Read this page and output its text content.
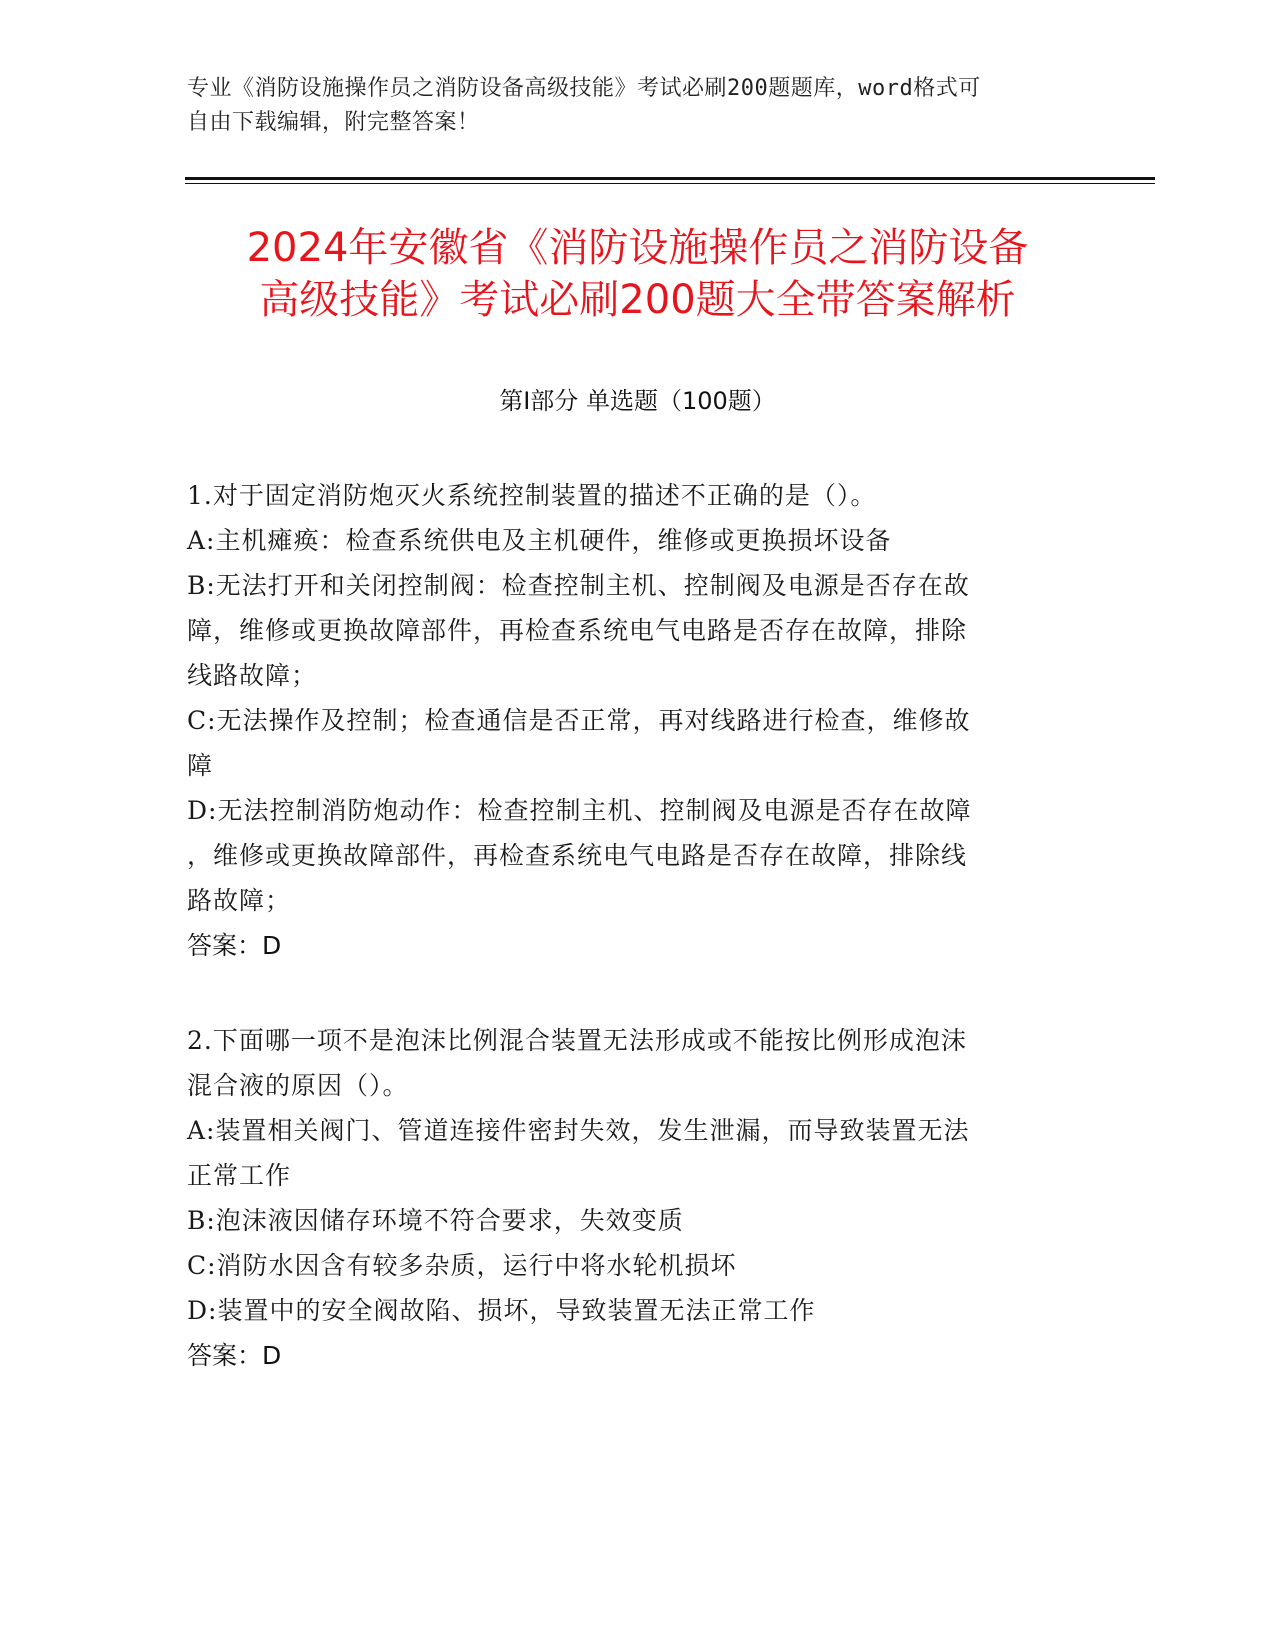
专业《消防设施操作员之消防设备高级技能》考试必刷200题题库，word格式可
自由下载编辑，附完整答案！
2024年安徽省《消防设施操作员之消防设备
高级技能》考试必刷200题大全带答案解析
第Ⅰ部分 单选题（100题）

1.对于固定消防炮灭火系统控制装置的描述不正确的是（）。

A:主机瘫痪：检查系统供电及主机硬件，维修或更换损坏设备

B:无法打开和关闭控制阀：检查控制主机、控制阀及电源是否存在故

障，维修或更换故障部件，再检查系统电气电路是否存在故障，排除

线路故障；

C:无法操作及控制；检查通信是否正常，再对线路进行检查，维修故

障

D:无法控制消防炮动作：检查控制主机、控制阀及电源是否存在故障

，维修或更换故障部件，再检查系统电气电路是否存在故障，排除线

路故障；

答案：D

2.下面哪一项不是泡沫比例混合装置无法形成或不能按比例形成泡沫

混合液的原因（）。

A:装置相关阀门、管道连接件密封失效，发生泄漏，而导致装置无法

正常工作

B:泡沫液因储存环境不符合要求，失效变质

C:消防水因含有较多杂质，运行中将水轮机损坏

D:装置中的安全阀故陷、损坏，导致装置无法正常工作

答案：D
